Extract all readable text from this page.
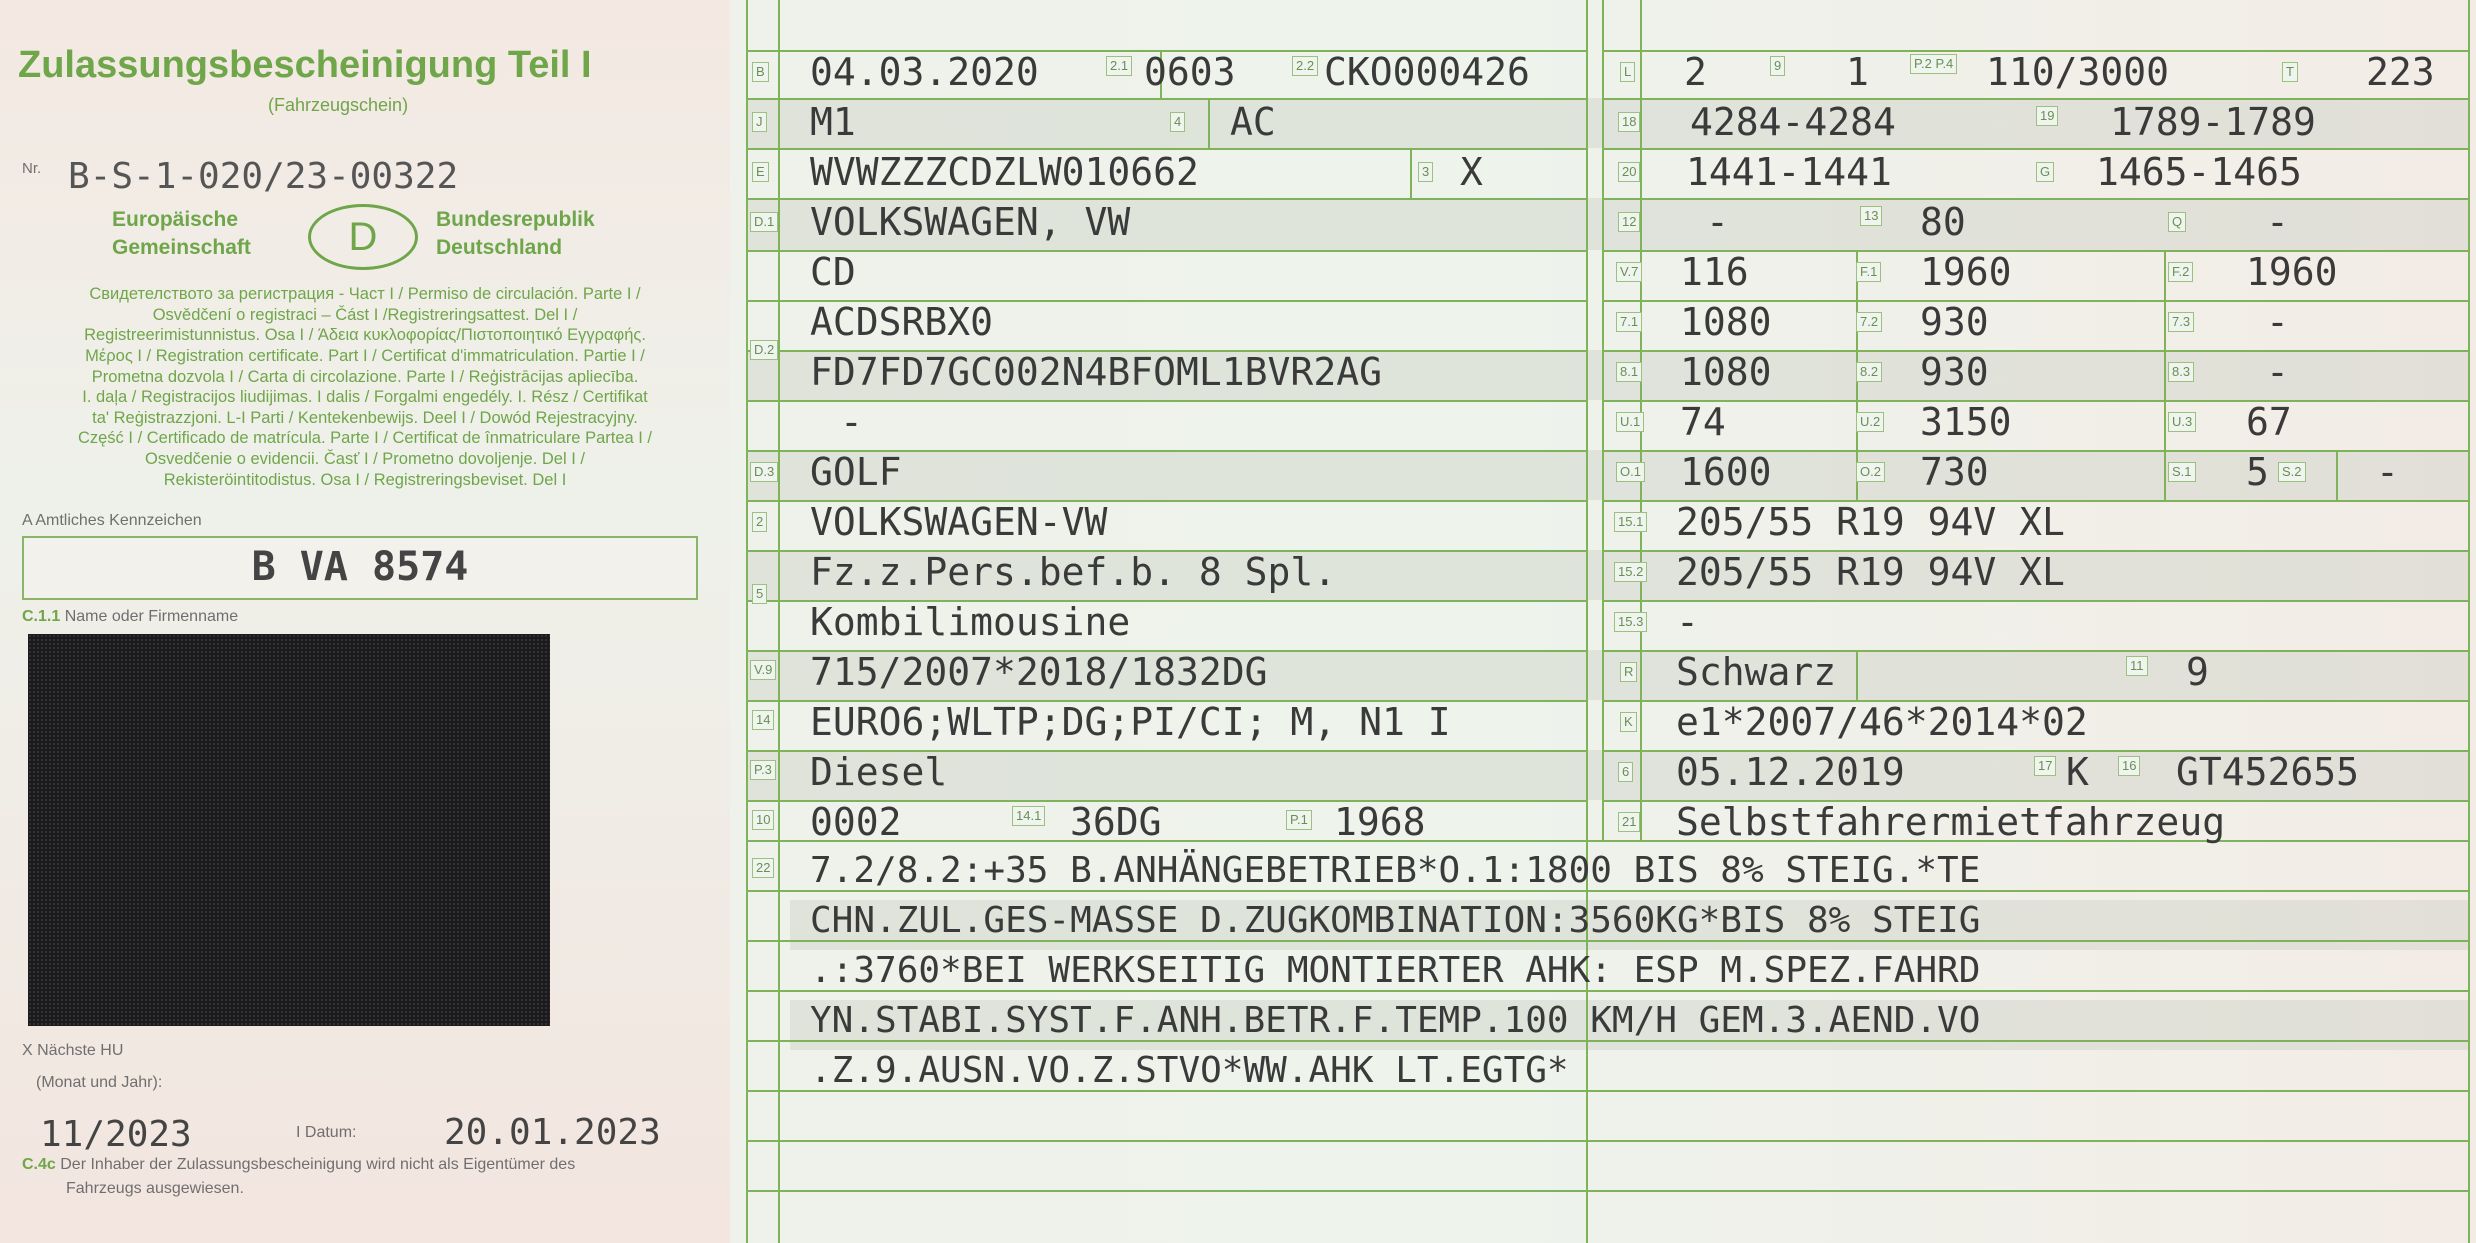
Zulassungsbescheinigung Teil I
(Fahrzeugschein)
Nr. B-S-1-020/23-00322
Europäische
Gemeinschaft	D	Bundesrepublik
Deutschland
Свидетелството за регистрация - Част I / Permiso de circulación. Parte I /
Osvědčení o registraci – Část I /Registreringsattest. Del I /
Registreerimistunnistus. Osa I / Άδεια κυκλοφορίας/Πιστοποιητικό Εγγραφής.
Μέρος I / Registration certificate. Part I / Certificat d'immatriculation. Partie I /
Prometna dozvola I / Carta di circolazione. Parte I / Reģistrācijas apliecība.
I. daļa / Registracijos liudijimas. I dalis / Forgalmi engedély. I. Rész / Certifikat
ta' Reġistrazzjoni. L-I Parti / Kentekenbewijs. Deel I / Dowód Rejestracyjny.
Część I / Certificado de matrícula. Parte I / Certificat de înmatriculare Partea I /
Osvedčenie o evidencii. Časť I / Prometno dovoljenje. Del I /
Rekisteröintitodistus. Osa I / Registreringsbeviset. Del I
A Amtliches Kennzeichen
B VA 8574
C.1.1 Name oder Firmenname
X Nächste HU
(Monat und Jahr):
11/2023	I Datum: 20.01.2023
C.4c Der Inhaber der Zulassungsbescheinigung wird nicht als Eigentümer des
Fahrzeugs ausgewiesen.
B 04.03.2020	2.1 0603	2.2 CKO000426
J M1	4 AC
E WVWZZZCDZLW010662	3 X
D.1 VOLKSWAGEN, VW
CD
ACDSRBX0
FD7FD7GC002N4BFOML1BVR2AG
-
D.2
D.3 GOLF
2 VOLKSWAGEN-VW
Fz.z.Pers.bef.b. 8 Spl.
Kombilimousine
5
V.9 715/2007*2018/1832DG
14 EURO6;WLTP;DG;PI/CI; M, N1 I
P.3 Diesel
10 0002	14.1 36DG	P.1 1968
22
L 2	9 1	P.2 P.4 110/3000	T 223
18 4284-4284	19 1789-1789
20 1441-1441	G 1465-1465
12 -	13 80	Q -
V.7 116	F.1 1960	F.2 1960
7.1 1080	7.2 930	7.3 -
8.1 1080	8.2 930	8.3 -
U.1 74	U.2 3150	U.3 67
O.1 1600	O.2 730	S.1 5	S.2 -
15.1 205/55 R19 94V XL
15.2 205/55 R19 94V XL
15.3 -
R Schwarz	11 9
K e1*2007/46*2014*02
6 05.12.2019	17 K	16 GT452655
21 Selbstfahrermietfahrzeug
7.2/8.2:+35 B.ANHÄNGEBETRIEB*O.1:1800 BIS 8% STEIG.*TE
CHN.ZUL.GES-MASSE D.ZUGKOMBINATION:3560KG*BIS 8% STEIG
.:3760*BEI WERKSEITIG MONTIERTER AHK: ESP M.SPEZ.FAHRD
YN.STABI.SYST.F.ANH.BETR.F.TEMP.100 KM/H GEM.3.AEND.VO
.Z.9.AUSN.VO.Z.STVO*WW.AHK LT.EGTG*
